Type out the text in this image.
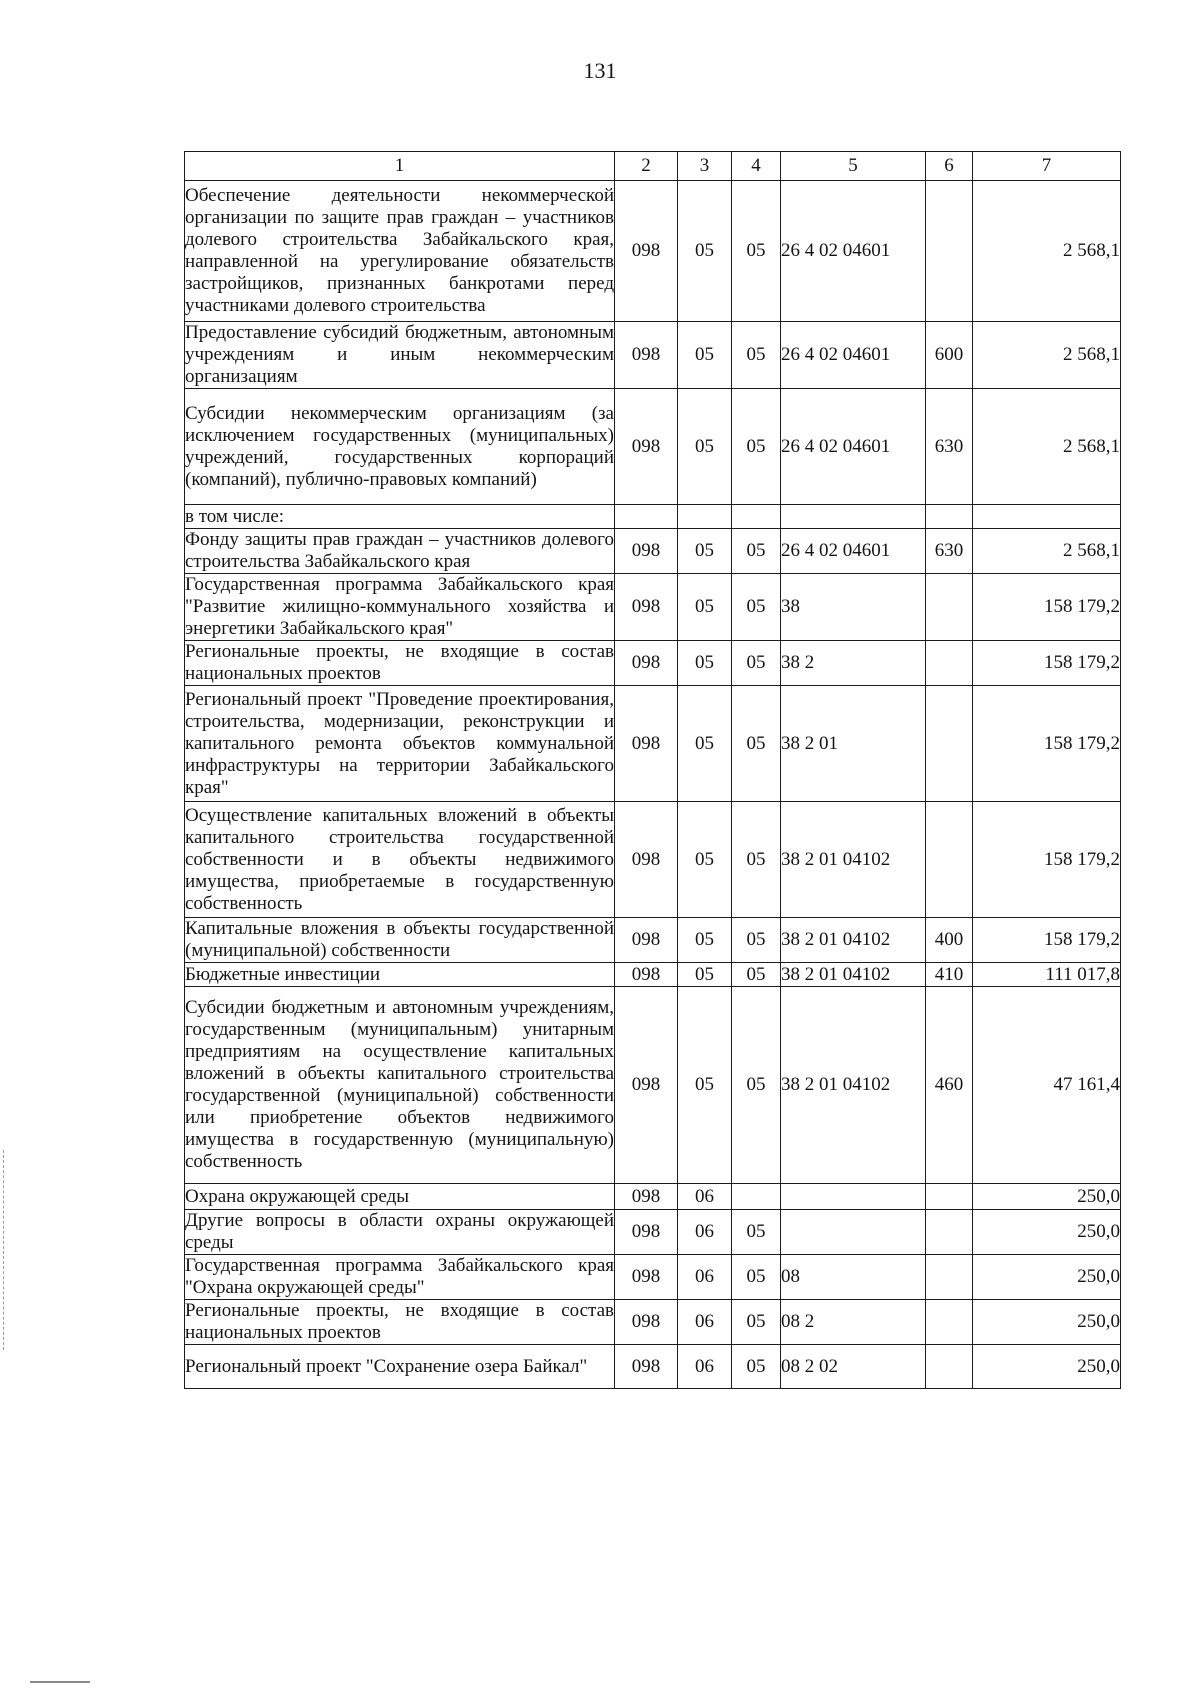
131
1	2	3	4	5	6	7
Обеспечение деятельности некоммерческой организации по защите прав граждан – участников долевого строительства Забайкальского края, направленной на урегулирование обязательств застройщиков, признанных банкротами перед участниками долевого строительства	098	05	05	26 4 02 04601		2 568,1
Предоставление субсидий бюджетным, автономным учреждениям и иным некоммерческим организациям	098	05	05	26 4 02 04601	600	2 568,1
Субсидии некоммерческим организациям (за исключением государственных (муниципальных) учреждений, государственных корпораций (компаний), публично-правовых компаний)	098	05	05	26 4 02 04601	630	2 568,1
в том числе:						
Фонду защиты прав граждан – участников долевого строительства Забайкальского края	098	05	05	26 4 02 04601	630	2 568,1
Государственная программа Забайкальского края "Развитие жилищно-коммунального хозяйства и энергетики Забайкальского края"	098	05	05	38		158 179,2
Региональные проекты, не входящие в состав национальных проектов	098	05	05	38 2		158 179,2
Региональный проект "Проведение проектирования, строительства, модернизации, реконструкции и капитального ремонта объектов коммунальной инфраструктуры на территории Забайкальского края"	098	05	05	38 2 01		158 179,2
Осуществление капитальных вложений в объекты капитального строительства государственной собственности и в объекты недвижимого имущества, приобретаемые в государственную собственность	098	05	05	38 2 01 04102		158 179,2
Капитальные вложения в объекты государственной (муниципальной) собственности	098	05	05	38 2 01 04102	400	158 179,2
Бюджетные инвестиции	098	05	05	38 2 01 04102	410	111 017,8
Субсидии бюджетным и автономным учреждениям, государственным (муниципальным) унитарным предприятиям на осуществление капитальных вложений в объекты капитального строительства государственной (муниципальной) собственности или приобретение объектов недвижимого имущества в государственную (муниципальную) собственность	098	05	05	38 2 01 04102	460	47 161,4
Охрана окружающей среды	098	06				250,0
Другие вопросы в области охраны окружающей среды	098	06	05			250,0
Государственная программа Забайкальского края "Охрана окружающей среды"	098	06	05	08		250,0
Региональные проекты, не входящие в состав национальных проектов	098	06	05	08 2		250,0
Региональный проект "Сохранение озера Байкал"	098	06	05	08 2 02		250,0
